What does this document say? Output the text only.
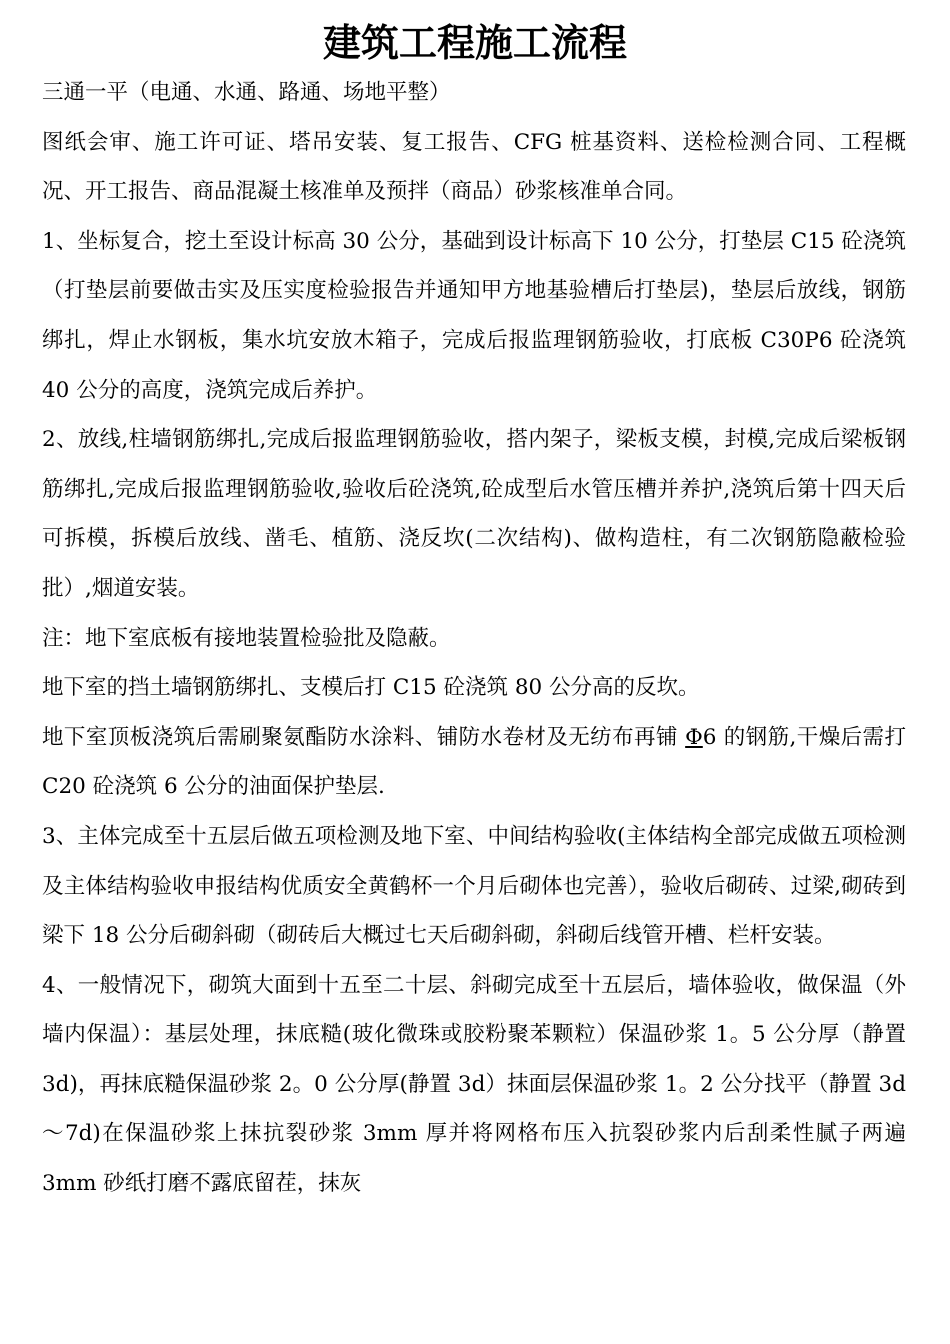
建筑工程施工流程

三通一平（电通、水通、路通、场地平整）

图纸会审、施工许可证、塔吊安装、复工报告、CFG 桩基资料、送检检测合同、工程概况、开工报告、商品混凝土核准单及预拌（商品）砂浆核准单合同。

1、坐标复合，挖土至设计标高 30 公分，基础到设计标高下 10 公分，打垫层 C15 砼浇筑（打垫层前要做击实及压实度检验报告并通知甲方地基验槽后打垫层)，垫层后放线，钢筋绑扎，焊止水钢板，集水坑安放木箱子，完成后报监理钢筋验收，打底板 C30P6 砼浇筑 40 公分的高度，浇筑完成后养护。

2、放线,柱墙钢筋绑扎,完成后报监理钢筋验收，搭内架子，梁板支模，封模,完成后梁板钢筋绑扎,完成后报监理钢筋验收,验收后砼浇筑,砼成型后水管压槽并养护,浇筑后第十四天后可拆模，拆模后放线、凿毛、植筋、浇反坎(二次结构)、做构造柱，有二次钢筋隐蔽检验批）,烟道安装。

注：地下室底板有接地装置检验批及隐蔽。

地下室的挡土墙钢筋绑扎、支模后打 C15 砼浇筑 80 公分高的反坎。

地下室顶板浇筑后需刷聚氨酯防水涂料、铺防水卷材及无纺布再铺 Φ6 的钢筋,干燥后需打 C20 砼浇筑 6 公分的油面保护垫层.

3、主体完成至十五层后做五项检测及地下室、中间结构验收(主体结构全部完成做五项检测及主体结构验收申报结构优质安全黄鹤杯一个月后砌体也完善），验收后砌砖、过梁,砌砖到梁下 18 公分后砌斜砌（砌砖后大概过七天后砌斜砌，斜砌后线管开槽、栏杆安装。

4、一般情况下，砌筑大面到十五至二十层、斜砌完成至十五层后，墙体验收，做保温（外墙内保温）：基层处理，抹底糙(玻化微珠或胶粉聚苯颗粒）保温砂浆 1。5 公分厚（静置 3d)，再抹底糙保温砂浆 2。0 公分厚(静置 3d）抹面层保温砂浆 1。2 公分找平（静置 3d～7d)在保温砂浆上抹抗裂砂浆 3mm 厚并将网格布压入抗裂砂浆内后刮柔性腻子两遍 3mm 砂纸打磨不露底留茬，抹灰
